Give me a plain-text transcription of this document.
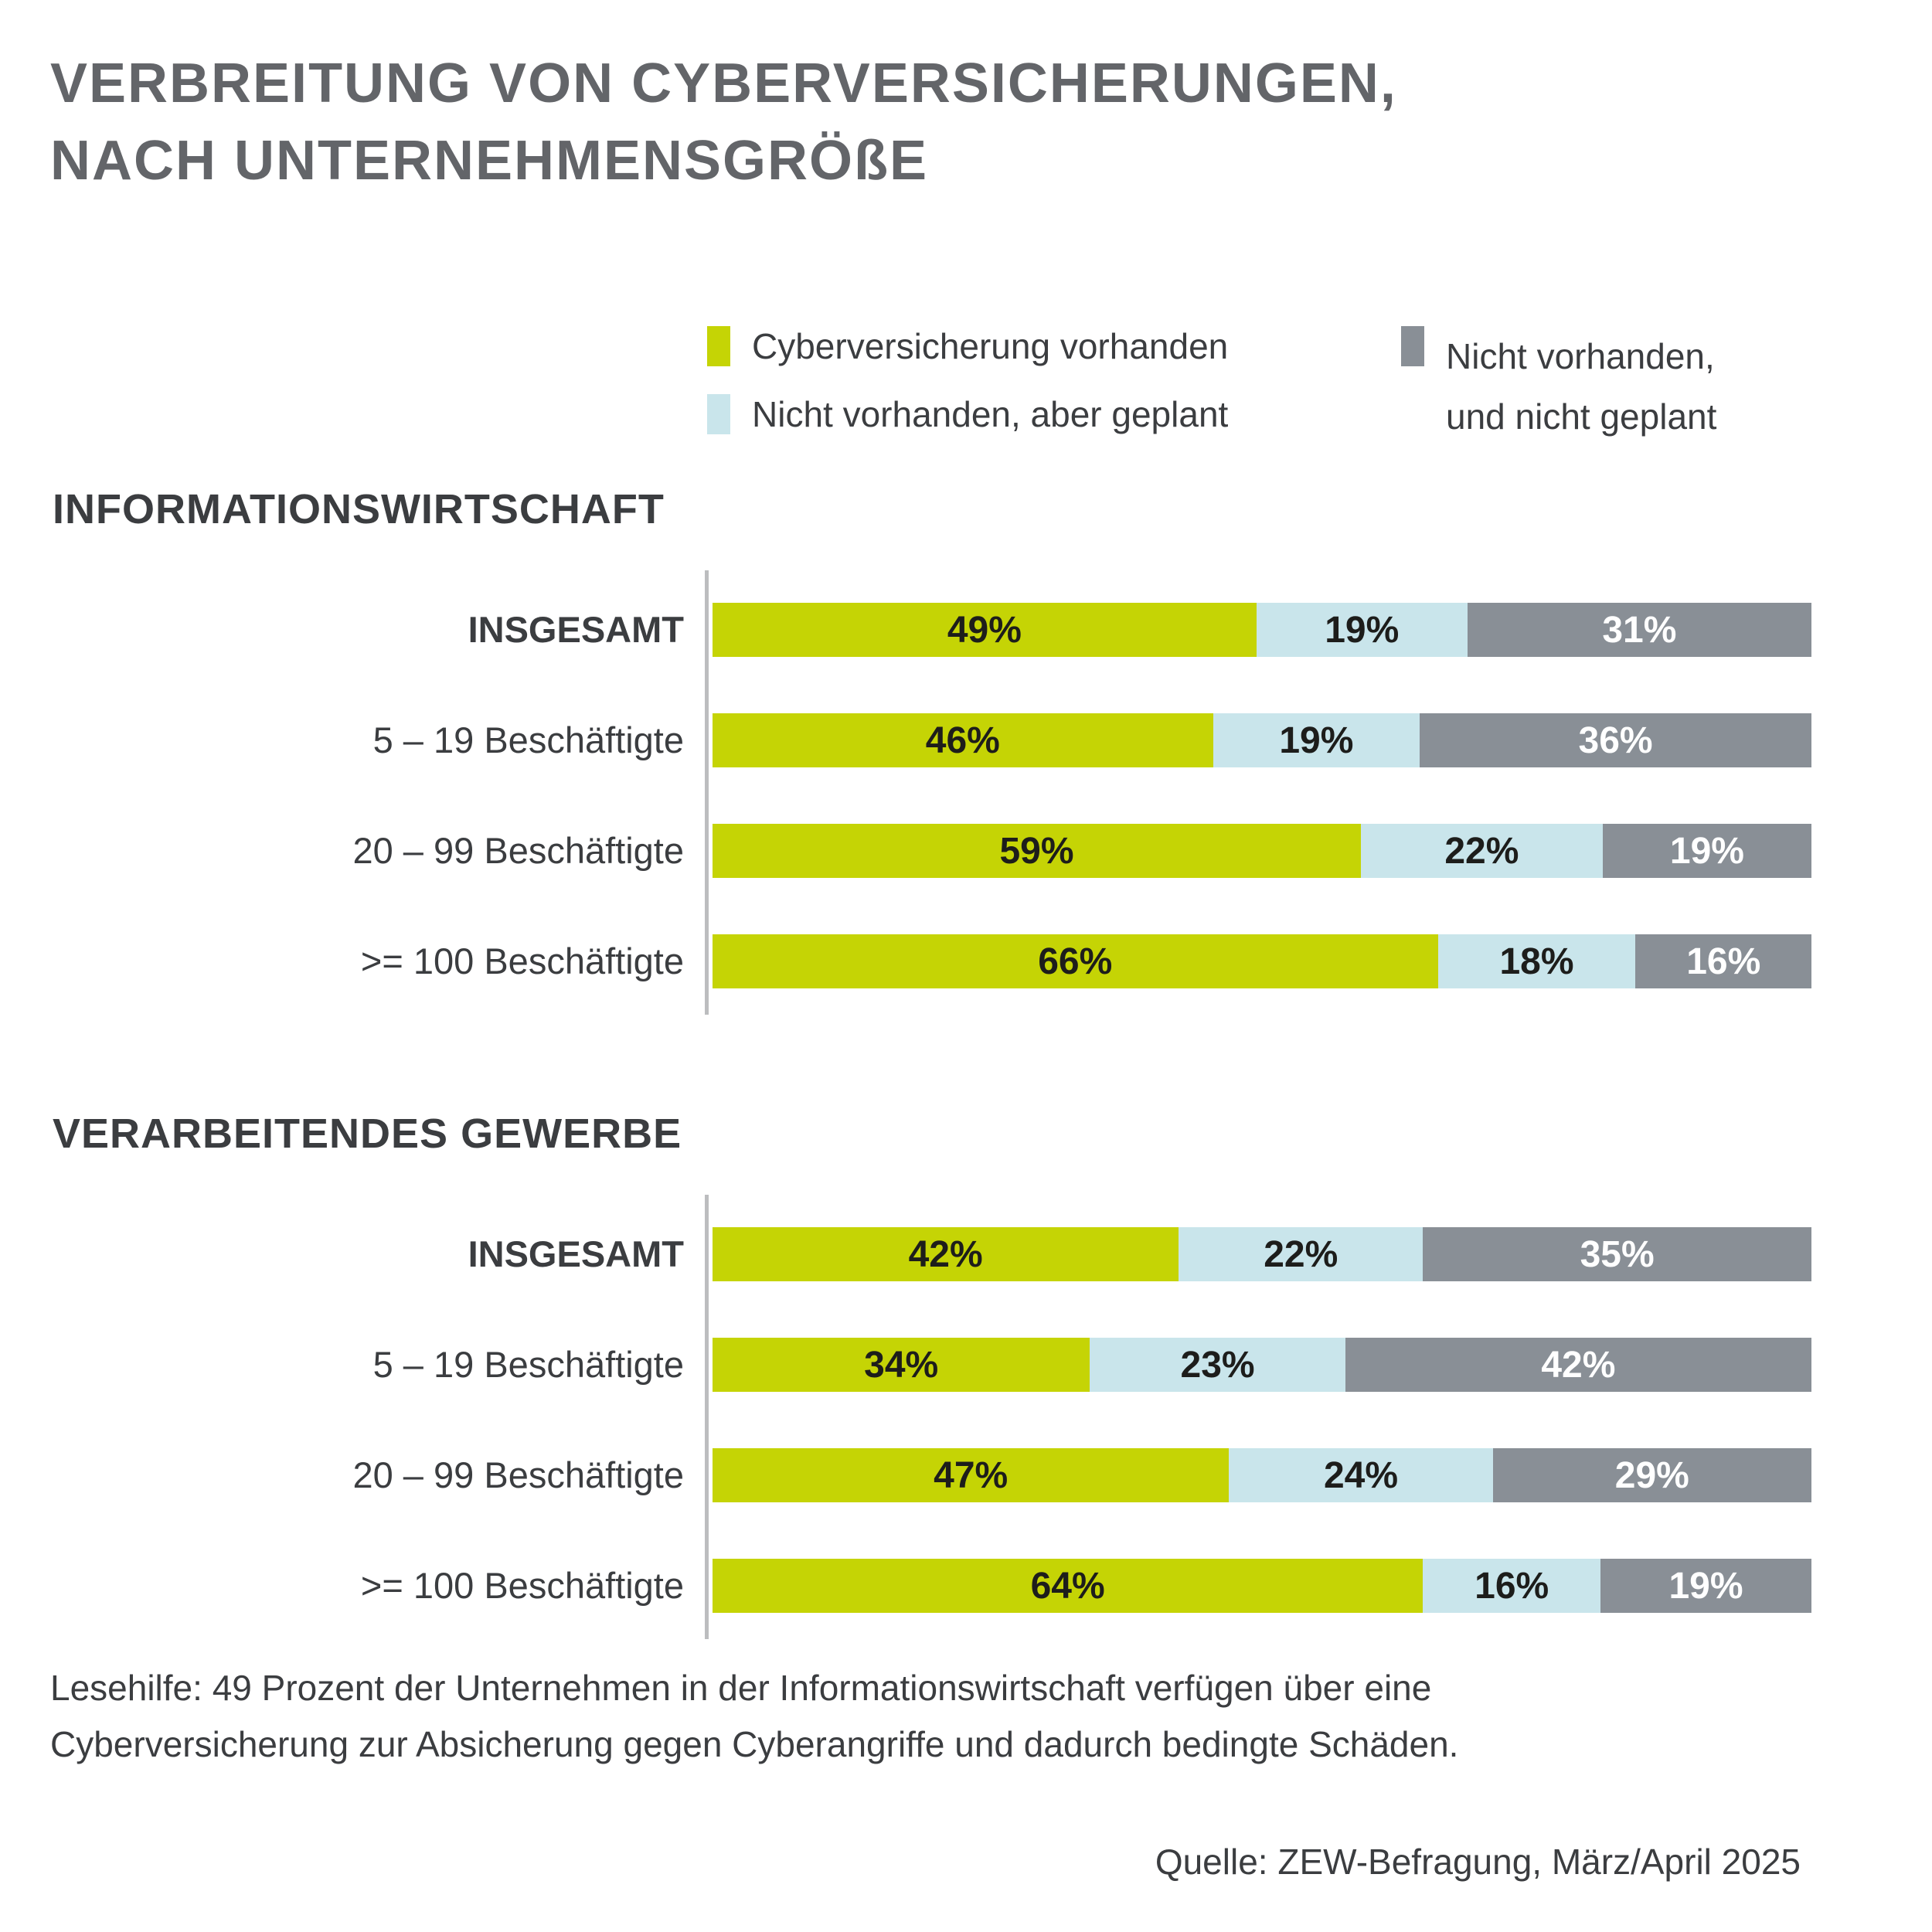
VERBREITUNG VON CYBERVERSICHERUNGEN,
NACH UNTERNEHMENSGRÖßE
Cyberversicherung vorhanden
Nicht vorhanden, aber geplant
Nicht vorhanden,
und nicht geplant
INFORMATIONSWIRTSCHAFT
INSGESAMT	49%	19%	31%
5 – 19 Beschäftigte	46%	19%	36%
20 – 99 Beschäftigte	59%	22%	19%
>= 100 Beschäftigte	66%	18%	16%
VERARBEITENDES GEWERBE
INSGESAMT	42%	22%	35%
5 – 19 Beschäftigte	34%	23%	42%
20 – 99 Beschäftigte	47%	24%	29%
>= 100 Beschäftigte	64%	16%	19%
Lesehilfe: 49 Prozent der Unternehmen in der Informationswirtschaft verfügen über eine
Cyberversicherung zur Absicherung gegen Cyberangriffe und dadurch bedingte Schäden.
Quelle: ZEW-Befragung, März/April 2025
